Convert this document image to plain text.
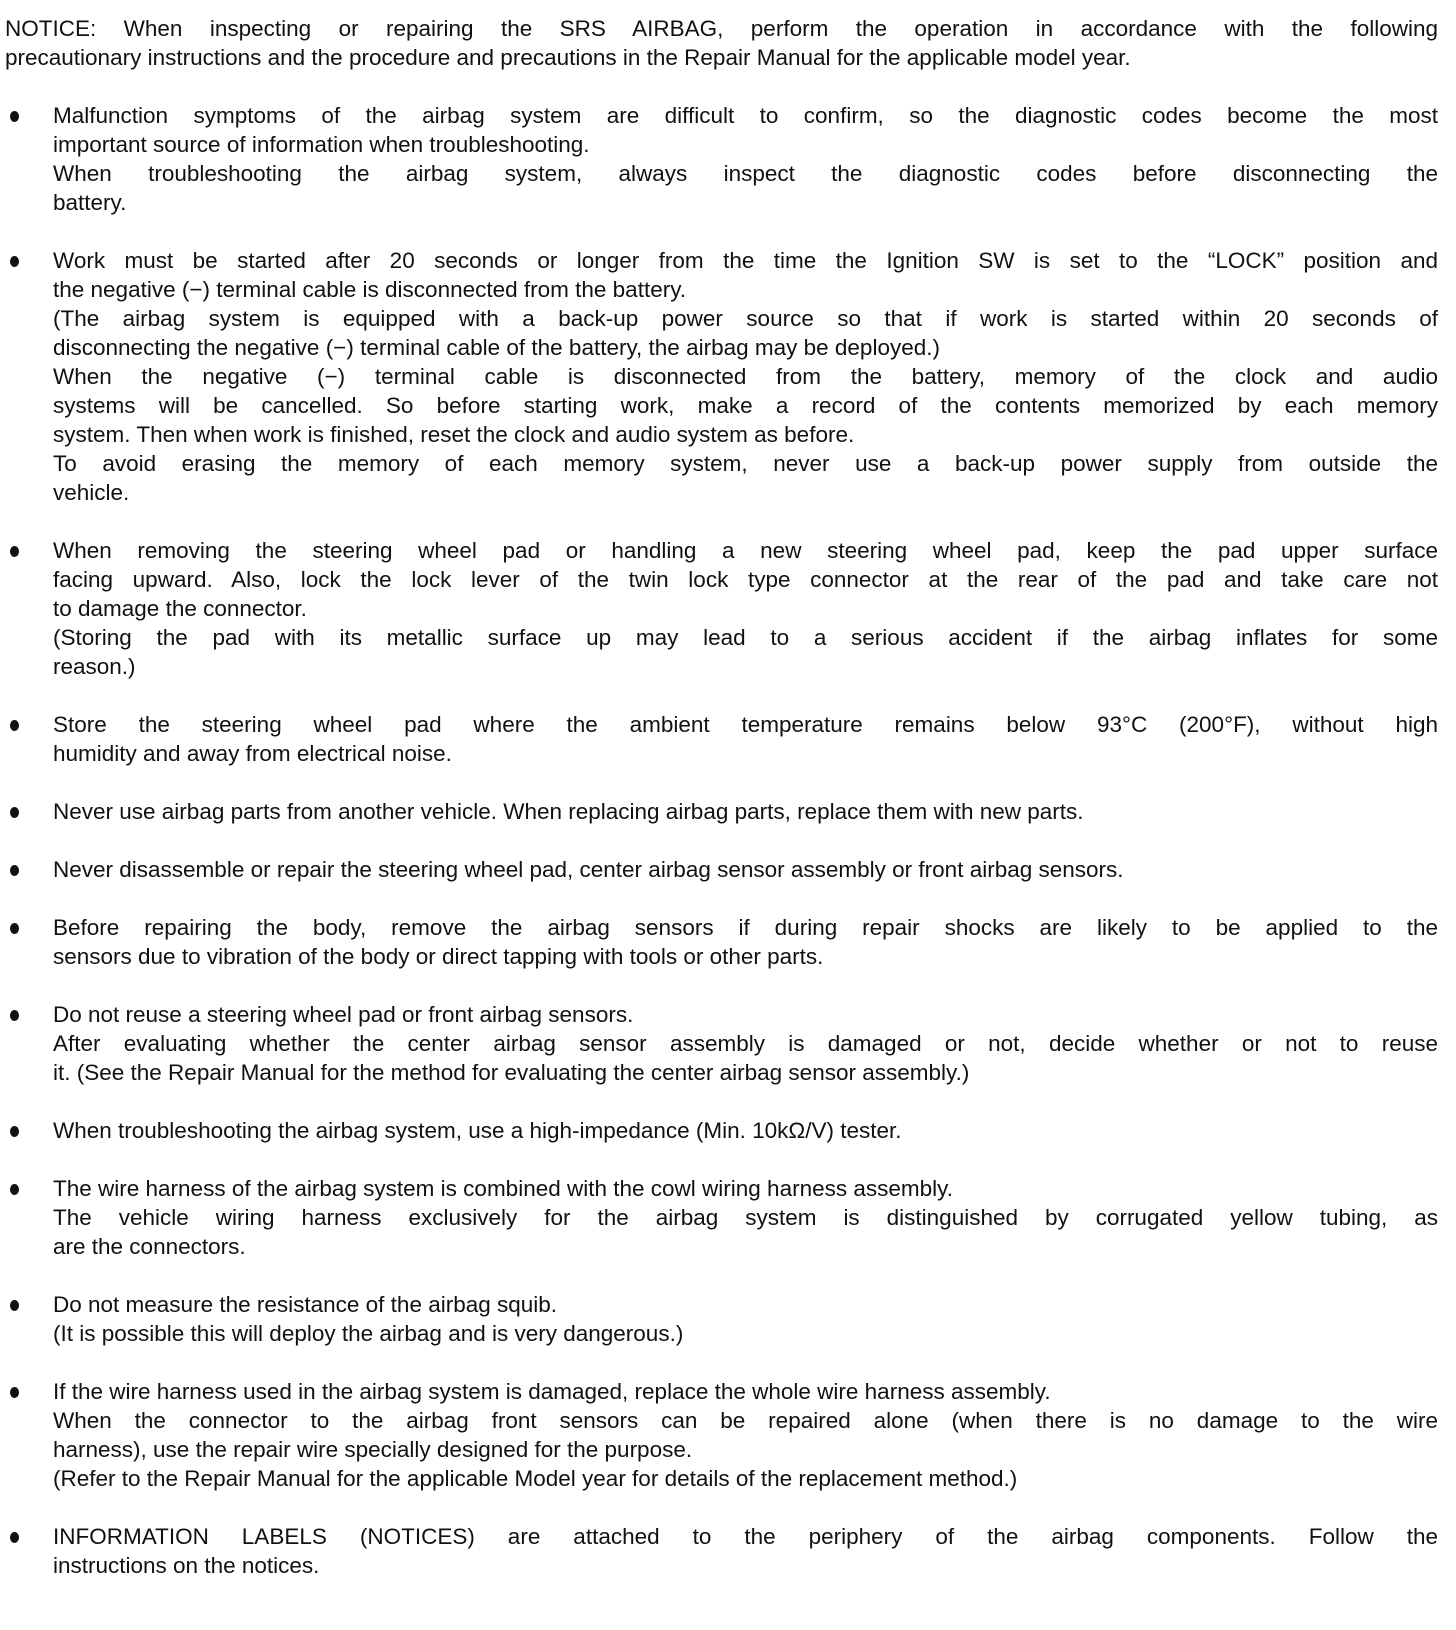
NOTICE: When inspecting or repairing the SRS AIRBAG, perform the operation in accordance with the following
precautionary instructions and the procedure and precautions in the Repair Manual for the applicable model year.
Malfunction symptoms of the airbag system are difficult to confirm, so the diagnostic codes become the most
important source of information when troubleshooting.
When troubleshooting the airbag system, always inspect the diagnostic codes before disconnecting the
battery.
Work must be started after 20 seconds or longer from the time the Ignition SW is set to the “LOCK” position and
the negative (−) terminal cable is disconnected from the battery.
(The airbag system is equipped with a back-up power source so that if work is started within 20 seconds of
disconnecting the negative (−) terminal cable of the battery, the airbag may be deployed.)
When the negative (−) terminal cable is disconnected from the battery, memory of the clock and audio
systems will be cancelled. So before starting work, make a record of the contents memorized by each memory
system. Then when work is finished, reset the clock and audio system as before.
To avoid erasing the memory of each memory system, never use a back-up power supply from outside the
vehicle.
When removing the steering wheel pad or handling a new steering wheel pad, keep the pad upper surface
facing upward. Also, lock the lock lever of the twin lock type connector at the rear of the pad and take care not
to damage the connector.
(Storing the pad with its metallic surface up may lead to a serious accident if the airbag inflates for some
reason.)
Store the steering wheel pad where the ambient temperature remains below 93°C (200°F), without high
humidity and away from electrical noise.
Never use airbag parts from another vehicle. When replacing airbag parts, replace them with new parts.
Never disassemble or repair the steering wheel pad, center airbag sensor assembly or front airbag sensors.
Before repairing the body, remove the airbag sensors if during repair shocks are likely to be applied to the
sensors due to vibration of the body or direct tapping with tools or other parts.
Do not reuse a steering wheel pad or front airbag sensors.
After evaluating whether the center airbag sensor assembly is damaged or not, decide whether or not to reuse
it. (See the Repair Manual for the method for evaluating the center airbag sensor assembly.)
When troubleshooting the airbag system, use a high-impedance (Min. 10kΩ/V) tester.
The wire harness of the airbag system is combined with the cowl wiring harness assembly.
The vehicle wiring harness exclusively for the airbag system is distinguished by corrugated yellow tubing, as
are the connectors.
Do not measure the resistance of the airbag squib.
(It is possible this will deploy the airbag and is very dangerous.)
If the wire harness used in the airbag system is damaged, replace the whole wire harness assembly.
When the connector to the airbag front sensors can be repaired alone (when there is no damage to the wire
harness), use the repair wire specially designed for the purpose.
(Refer to the Repair Manual for the applicable Model year for details of the replacement method.)
INFORMATION LABELS (NOTICES) are attached to the periphery of the airbag components. Follow the
instructions on the notices.
